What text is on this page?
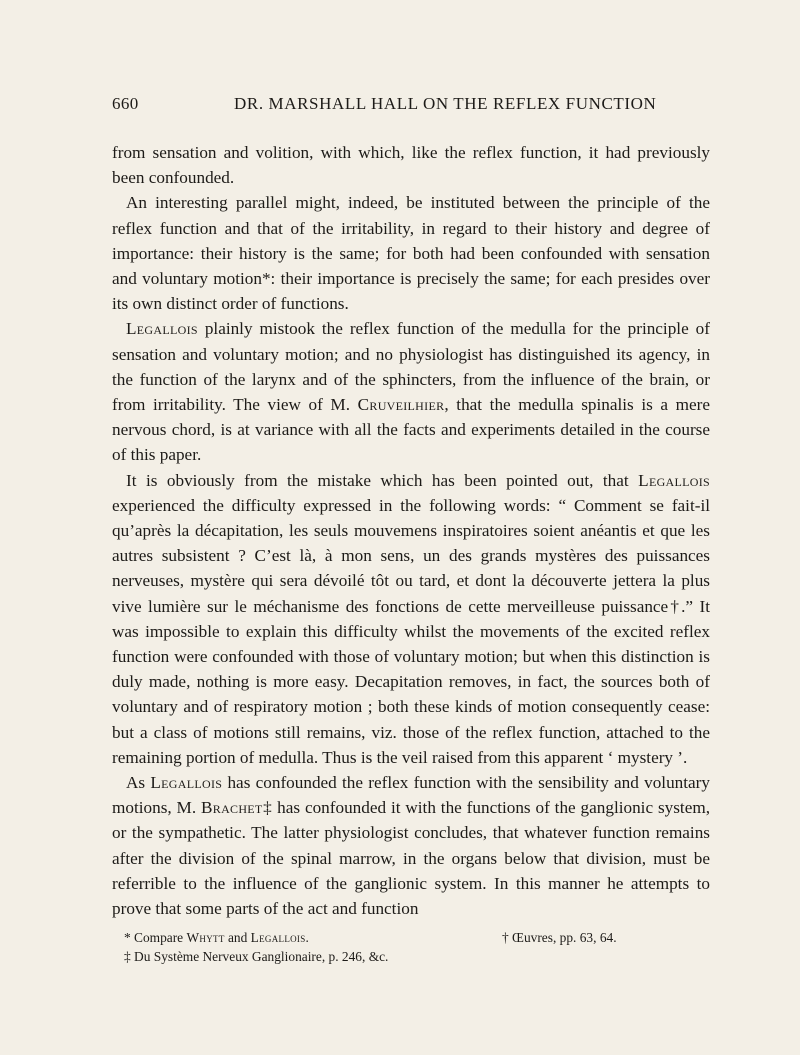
660	DR. MARSHALL HALL ON THE REFLEX FUNCTION

from sensation and volition, with which, like the reflex function, it had previously been confounded.

An interesting parallel might, indeed, be instituted between the principle of the reflex function and that of the irritability, in regard to their history and degree of importance: their history is the same; for both had been confounded with sensation and voluntary motion*: their importance is precisely the same; for each presides over its own distinct order of functions.

Legallois plainly mistook the reflex function of the medulla for the principle of sensation and voluntary motion; and no physiologist has distinguished its agency, in the function of the larynx and of the sphincters, from the influence of the brain, or from irritability. The view of M. Cruveilhier, that the medulla spinalis is a mere nervous chord, is at variance with all the facts and experiments detailed in the course of this paper.

It is obviously from the mistake which has been pointed out, that Legallois experienced the difficulty expressed in the following words: “ Comment se fait-il qu’après la décapitation, les seuls mouvemens inspiratoires soient anéantis et que les autres subsistent ? C’est là, à mon sens, un des grands mystères des puissances nerveuses, mystère qui sera dévoilé tôt ou tard, et dont la découverte jettera la plus vive lumière sur le méchanisme des fonctions de cette merveilleuse puissance†.” It was impossible to explain this difficulty whilst the movements of the excited reflex function were confounded with those of voluntary motion; but when this distinction is duly made, nothing is more easy. Decapitation removes, in fact, the sources both of voluntary and of respiratory motion ; both these kinds of motion consequently cease: but a class of motions still remains, viz. those of the reflex function, attached to the remaining portion of medulla. Thus is the veil raised from this apparent ‘ mystery ’.

As Legallois has confounded the reflex function with the sensibility and voluntary motions, M. Brachet‡ has confounded it with the functions of the ganglionic system, or the sympathetic. The latter physiologist concludes, that whatever function remains after the division of the spinal marrow, in the organs below that division, must be referrible to the influence of the ganglionic system. In this manner he attempts to prove that some parts of the act and function

* Compare Whytt and Legallois.	† Œuvres, pp. 63, 64.
‡ Du Système Nerveux Ganglionaire, p. 246, &c.
